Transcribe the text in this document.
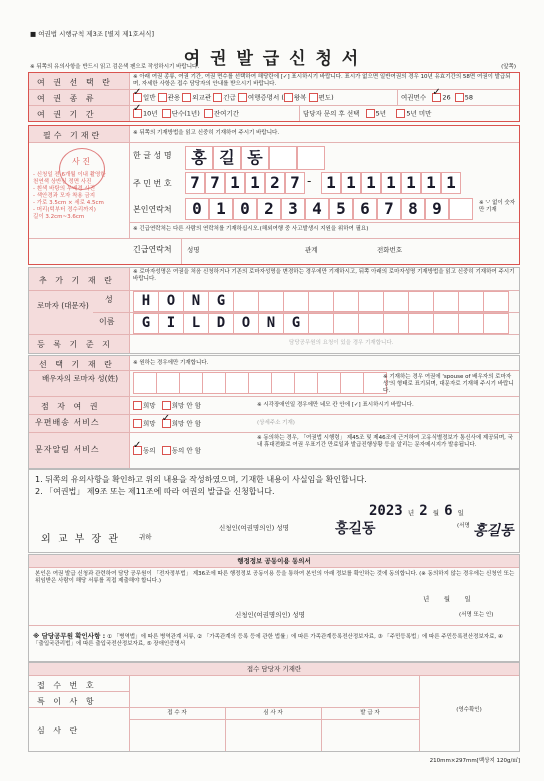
■ 여권법 시행규칙 제3조 [별지 제1호서식]
여 권 발 급 신 청 서
※ 뒤쪽의 유의사항을 반드시 읽고 검은색 펜으로 작성하시기 바랍니다.	(앞쪽)
여 권 선 택 란
※ 아래 여권 종류, 여권 기간, 여권 면수를 선택하여 해당란에 [✓] 표시하시기 바랍니다. 표시가 없으면 일반여권의 경우 10년 유효기간의 58면 여권이 발급되며, 자세한 사항은 접수 담당자의 안내를 받으시기 바랍니다.
여 권 종 류
✓ 일반 관용 외교관 긴급 여행증명서 ( 왕복 편도)	여권면수 ✓ 26 58
여 권 기 간
✓ 10년 단수(1년) 잔여기간	담당자 문의 후 선택 5년	5년 미만
필수 기재란	※ 뒤쪽의 기재방법을 읽고 신중히 기재하여 주시기 바랍니다.
사 진
- 신청일 전 6개월 이내 촬영한
천연색 상반신 정면 사진
- 흰색 바탕의 무배경 사진
- 색안경과 모자 착용 금지
- 가로 3.5cm × 세로 4.5cm
- 머리(턱부터 정수리까지)
길이 3.2cm~3.6cm
한 글 성 명	홍 길 동
주 민 번 호 7 7 1 1 2 7 - 1 1 1 1 1 1 1
본인연락처	0 1 0 2 3 4 5 6 7 8 9	※ '-' 없이 숫자만 기재
※ 긴급연락처는 다른 사람의 연락처를 기재하십시오.(해외여행 중 사고발생시 지원을 위하여 필요)
긴급연락처 성명	관계	전화번호
추 가 기 재 란
※ 로마자성명은 여권을 처음 신청하거나 기존의 로마자성명을 변경하는 경우에만 기재하시고, 뒤쪽 아래의 로마자성명 기재방법을 읽고 신중히 기재하여 주시기 바랍니다.
로마자 (대문자)
성
이름
H	O	N	G
G	I	L	D	O	N	G
등 록 기 준 지	담당공무원의 요청이 있을 경우 기재합니다.
선 택 기 재 란	※ 원하는 경우에만 기재합니다.
배우자의 로마자 성(姓)	※ 기재하는 경우 여권에 'spouse of 배우자의 로마자 성'의 형태로 표기되며, 대문자로 기재해 주시기 바랍니다.
점 자 여 권	희망 희망 안 함	※ 시각장애인일 경우에만 네모 칸 안에 [✓] 표시하시기 바랍니다.
우편배송 서비스	희망 ✓ 희망 안 함	(상세주소 기재)
문자알림 서비스	✓ 동의 동의 안 함
※ 동의하는 경우, 「여권법 시행령」 제45조 및 제46조에 근거하여 고유식별정보가 통신사에 제공되며, 국내 휴대전화로 여권 우표기간 만료일과 발급진행상황 등을 알리는 문자메시지가 발송됩니다.
1. 뒤쪽의 유의사항을 확인하고 위의 내용을 작성하였으며, 기재한 내용이 사실임을 확인합니다.
2. 「여권법」 제9조 또는 제11조에 따라 여권의 발급을 신청합니다.
2023 년 2 월 6 일
신청인(여권명의인) 성명	홍길동	(서명 홍길동
외 교 부 장 관	귀하
행정정보 공동이용 동의서
본인은 여권 발급 신청과 관련하여 담당 공무원이 「전자정부법」 제36조에 따른 행정정보 공동이용 등을 통하여 본인의 아래 정보를 확인하는 것에 동의합니다. (※ 동의하지 않는 경우에는 신청인 또는 위임받은 사람이 해당 서류를 직접 제출해야 합니다.)
년 월 일
신청인(여권명의인) 성명	(서명 또는 인)
※ 담당공무원 확인사항 : ① 「병역법」에 따른 병역관계 서류, ② 「가족관계의 등록 등에 관한 법률」에 따른 가족관계등록전산정보자료, ③ 「주민등록법」에 따른 주민등록전산정보자료, ④ 「출입국관리법」에 따른 출입국전산정보자료, ⑤ 장애인증명서
접수 담당자 기재란
접 수 번 호
특 이 사 항
심 사 란
접 수 자	심 사 자	발 급 자	(영수확인)
210mm×297mm[백상지 120g/㎡]
